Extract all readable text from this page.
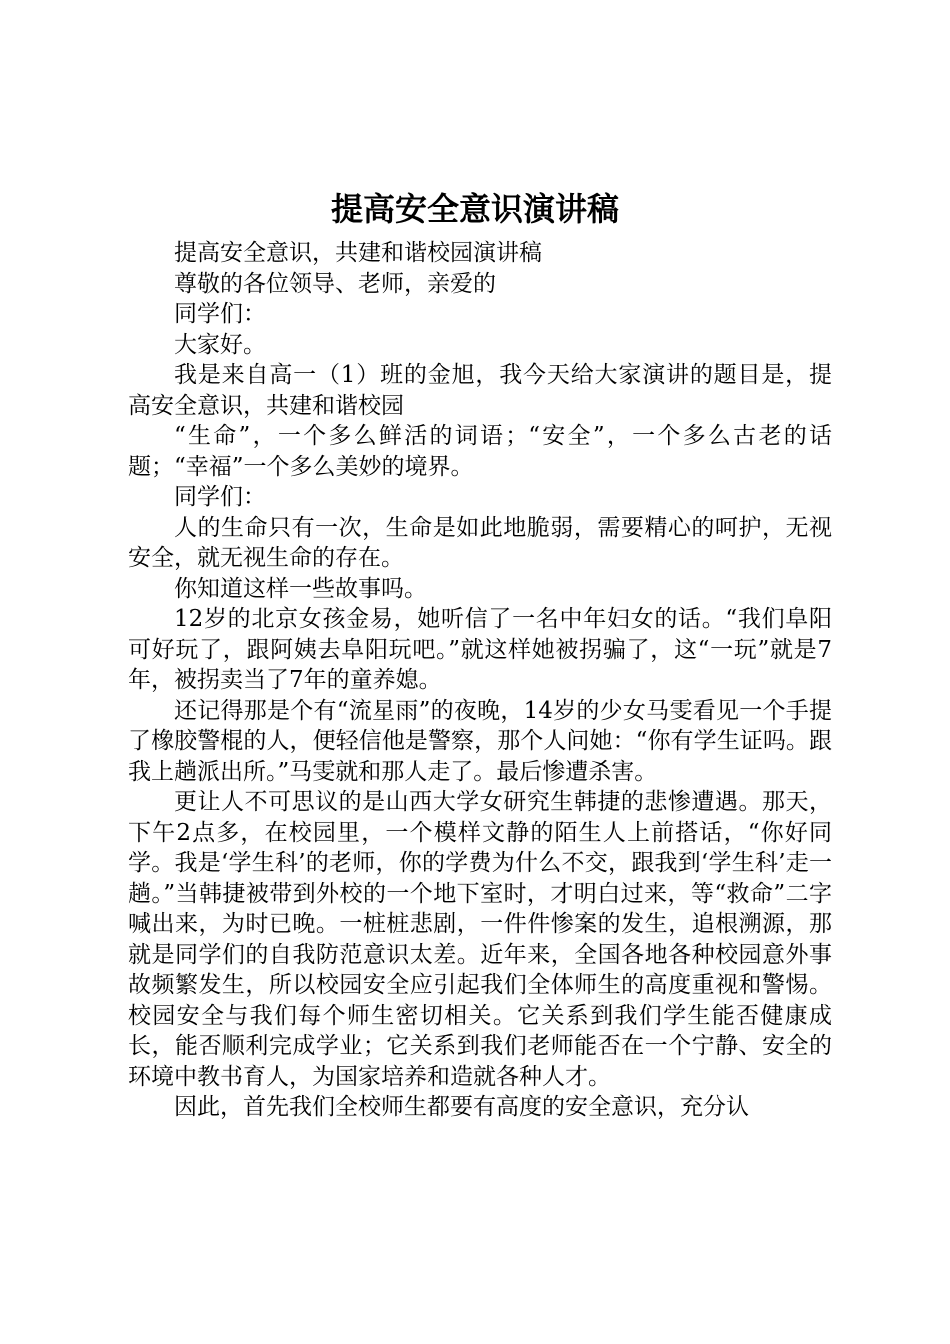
提高安全意识演讲稿

提高安全意识，共建和谐校园演讲稿

尊敬的各位领导、老师，亲爱的

同学们：

大家好。

我是来自高一（1）班的金旭，我今天给大家演讲的题目是，提高安全意识，共建和谐校园

“生命”，一个多么鲜活的词语；“安全”，一个多么古老的话题；“幸福”一个多么美妙的境界。

同学们：

人的生命只有一次，生命是如此地脆弱，需要精心的呵护，无视安全，就无视生命的存在。

你知道这样一些故事吗。

12岁的北京女孩金易，她听信了一名中年妇女的话。“我们阜阳可好玩了，跟阿姨去阜阳玩吧。”就这样她被拐骗了，这“一玩”就是7年，被拐卖当了7年的童养媳。

还记得那是个有“流星雨”的夜晚，14岁的少女马雯看见一个手提了橡胶警棍的人，便轻信他是警察，那个人问她：“你有学生证吗。跟我上趟派出所。”马雯就和那人走了。最后惨遭杀害。

更让人不可思议的是山西大学女研究生韩捷的悲惨遭遇。那天，下午2点多，在校园里，一个模样文静的陌生人上前搭话，“你好同学。我是‘学生科’的老师，你的学费为什么不交，跟我到‘学生科’走一趟。”当韩捷被带到外校的一个地下室时，才明白过来，等“救命”二字喊出来，为时已晚。一桩桩悲剧，一件件惨案的发生，追根溯源，那就是同学们的自我防范意识太差。近年来，全国各地各种校园意外事故频繁发生，所以校园安全应引起我们全体师生的高度重视和警惕。校园安全与我们每个师生密切相关。它关系到我们学生能否健康成长，能否顺利完成学业；它关系到我们老师能否在一个宁静、安全的环境中教书育人，为国家培养和造就各种人才。

因此，首先我们全校师生都要有高度的安全意识，充分认
